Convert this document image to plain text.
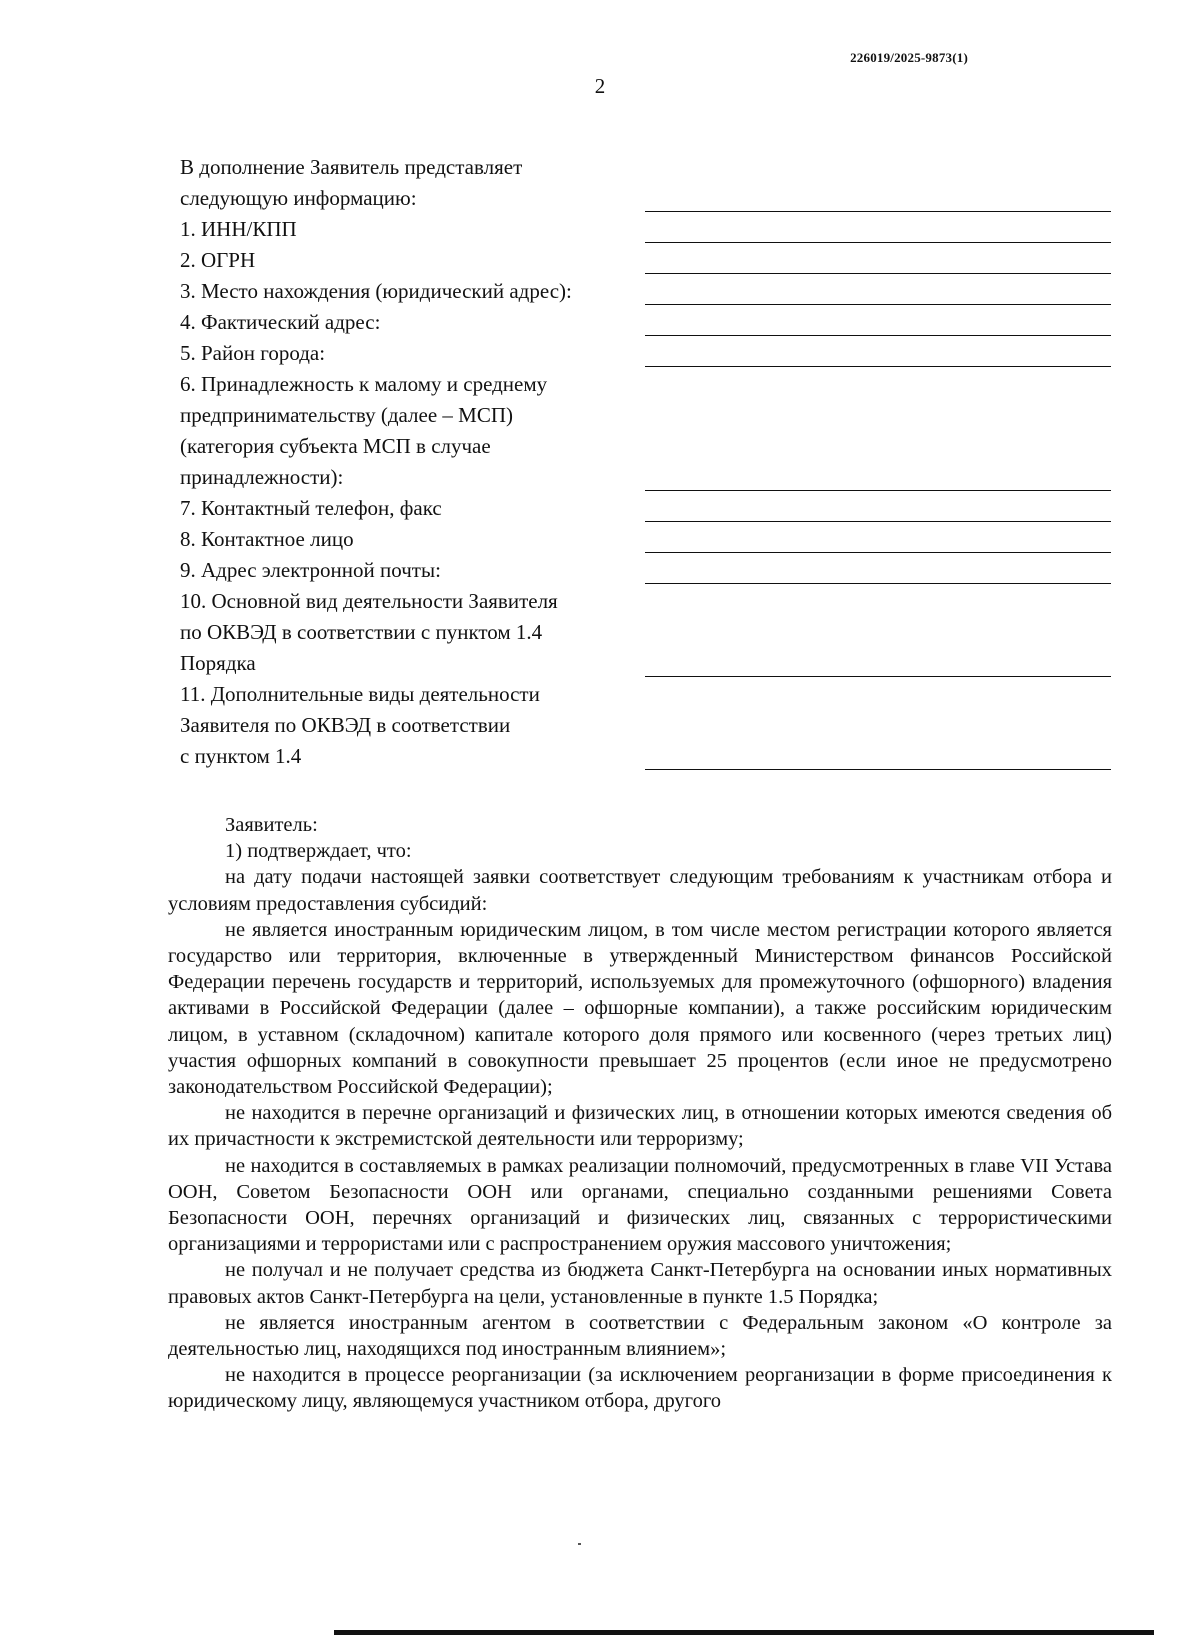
226019/2025-9873(1)
2
В дополнение Заявитель представляет
следующую информацию:
1. ИНН/КПП
2. ОГРН
3. Место нахождения (юридический адрес):
4. Фактический адрес:
5. Район города:
6. Принадлежность к малому и среднему
предпринимательству (далее – МСП)
(категория субъекта МСП в случае
принадлежности):
7. Контактный телефон, факс
8. Контактное лицо
9. Адрес электронной почты:
10. Основной вид деятельности Заявителя
по ОКВЭД в соответствии с пунктом 1.4
Порядка
11. Дополнительные виды деятельности
Заявителя по ОКВЭД в соответствии
с пунктом 1.4

Заявитель:

1) подтверждает, что:

на дату подачи настоящей заявки соответствует следующим требованиям к участникам отбора и условиям предоставления субсидий:

не является иностранным юридическим лицом, в том числе местом регистрации которого является государство или территория, включенные в утвержденный Министерством финансов Российской Федерации перечень государств и территорий, используемых для промежуточного (офшорного) владения активами в Российской Федерации (далее – офшорные компании), а также российским юридическим лицом, в уставном (складочном) капитале которого доля прямого или косвенного (через третьих лиц) участия офшорных компаний в совокупности превышает 25 процентов (если иное не предусмотрено законодательством Российской Федерации);

не находится в перечне организаций и физических лиц, в отношении которых имеются сведения об их причастности к экстремистской деятельности или терроризму;

не находится в составляемых в рамках реализации полномочий, предусмотренных в главе VII Устава ООН, Советом Безопасности ООН или органами, специально созданными решениями Совета Безопасности ООН, перечнях организаций и физических лиц, связанных с террористическими организациями и террористами или с распространением оружия массового уничтожения;

не получал и не получает средства из бюджета Санкт-Петербурга на основании иных нормативных правовых актов Санкт-Петербурга на цели, установленные в пункте 1.5 Порядка;

не является иностранным агентом в соответствии с Федеральным законом «О контроле за деятельностью лиц, находящихся под иностранным влиянием»;

не находится в процессе реорганизации (за исключением реорганизации в форме присоединения к юридическому лицу, являющемуся участником отбора, другого
